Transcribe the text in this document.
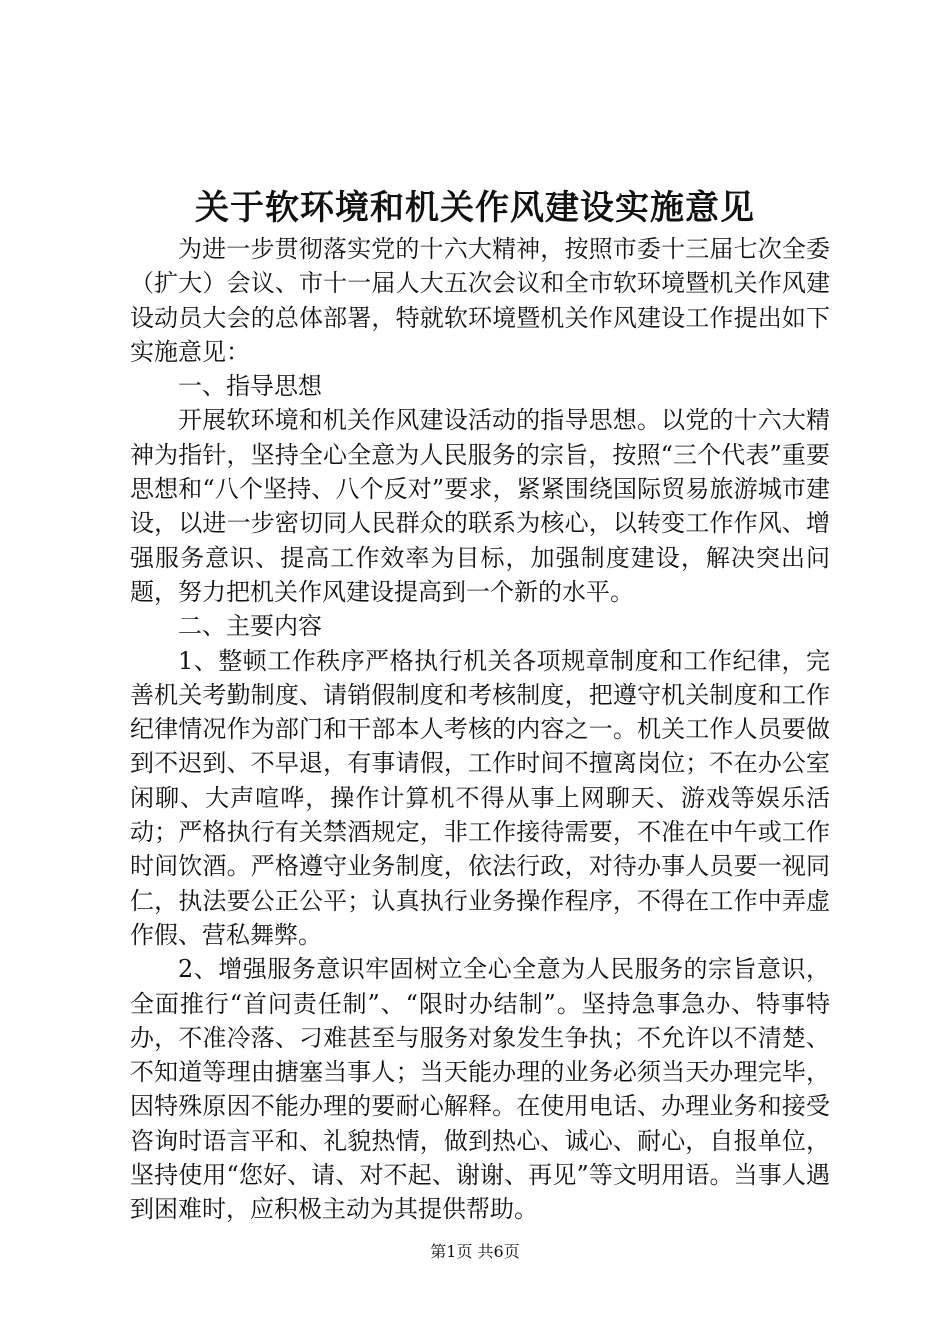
关于软环境和机关作风建设实施意见

为进一步贯彻落实党的十六大精神，按照市委十三届七次全委（扩大）会议、市十一届人大五次会议和全市软环境暨机关作风建设动员大会的总体部署，特就软环境暨机关作风建设工作提出如下实施意见：

一、指导思想

开展软环境和机关作风建设活动的指导思想。以党的十六大精神为指针，坚持全心全意为人民服务的宗旨，按照“三个代表”重要思想和“八个坚持、八个反对”要求，紧紧围绕国际贸易旅游城市建设，以进一步密切同人民群众的联系为核心，以转变工作作风、增强服务意识、提高工作效率为目标，加强制度建设，解决突出问题，努力把机关作风建设提高到一个新的水平。

二、主要内容

1、整顿工作秩序严格执行机关各项规章制度和工作纪律，完善机关考勤制度、请销假制度和考核制度，把遵守机关制度和工作纪律情况作为部门和干部本人考核的内容之一。机关工作人员要做到不迟到、不早退，有事请假，工作时间不擅离岗位；不在办公室闲聊、大声喧哗，操作计算机不得从事上网聊天、游戏等娱乐活动；严格执行有关禁酒规定，非工作接待需要，不准在中午或工作时间饮酒。严格遵守业务制度，依法行政，对待办事人员要一视同仁，执法要公正公平；认真执行业务操作程序，不得在工作中弄虚作假、营私舞弊。

2、增强服务意识牢固树立全心全意为人民服务的宗旨意识，全面推行“首问责任制”、“限时办结制”。坚持急事急办、特事特办，不准冷落、刁难甚至与服务对象发生争执；不允许以不清楚、不知道等理由搪塞当事人；当天能办理的业务必须当天办理完毕，因特殊原因不能办理的要耐心解释。在使用电话、办理业务和接受咨询时语言平和、礼貌热情，做到热心、诚心、耐心，自报单位，坚持使用“您好、请、对不起、谢谢、再见”等文明用语。当事人遇到困难时，应积极主动为其提供帮助。

第1页 共6页
